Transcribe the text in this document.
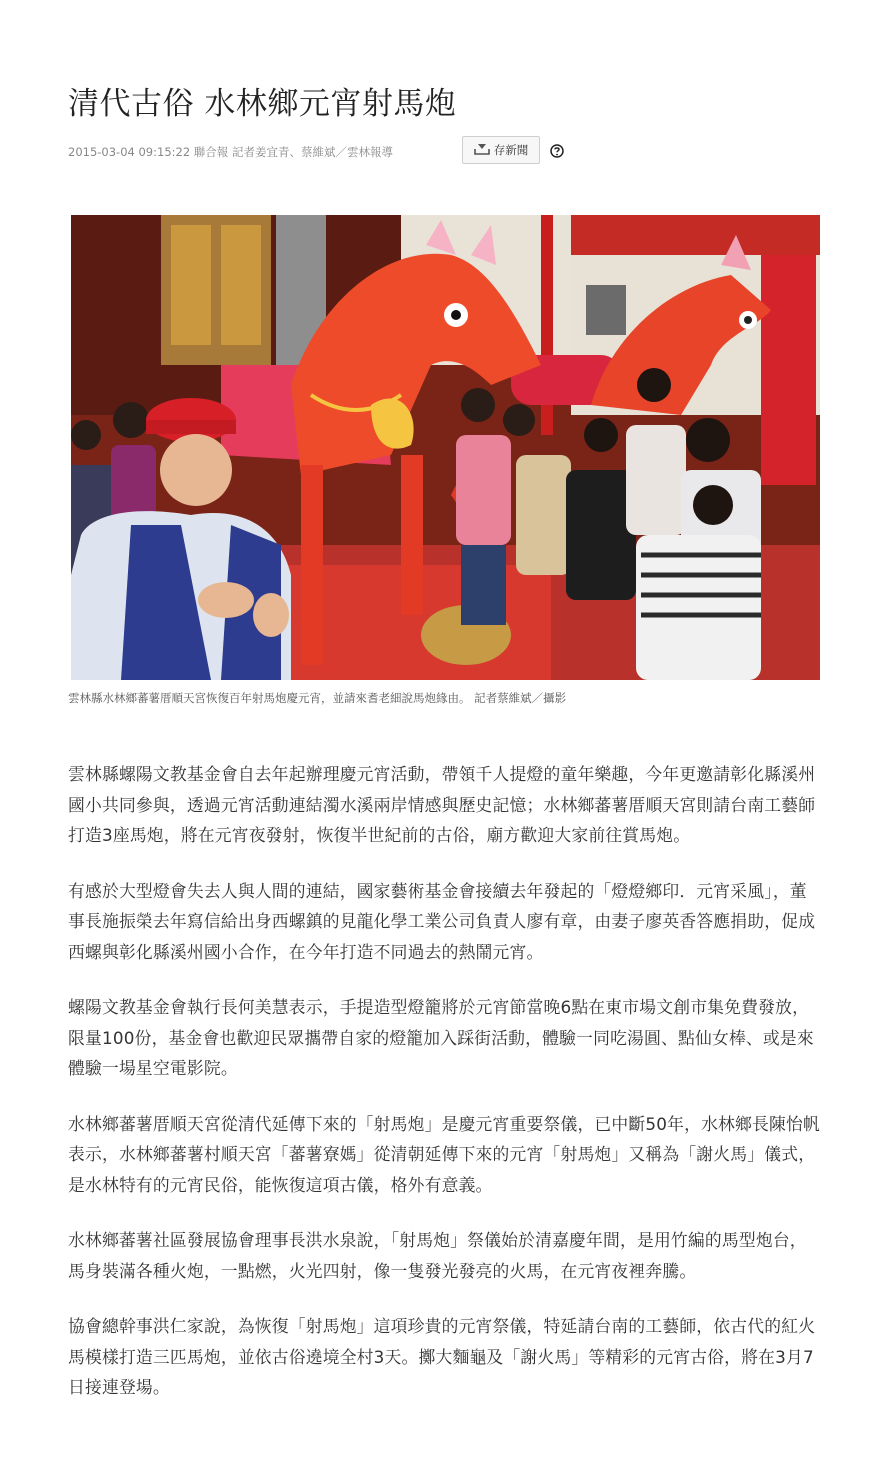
清代古俗 水林鄉元宵射馬炮
2015-03-04 09:15:22 聯合報 記者姜宜青、蔡維斌／雲林報導	存新聞
雲林縣水林鄉蕃薯厝順天宮恢復百年射馬炮慶元宵，並請來耆老細說馬炮緣由。 記者蔡維斌／攝影

雲林縣螺陽文教基金會自去年起辦理慶元宵活動，帶領千人提燈的童年樂趣，今年更邀請彰化縣溪州國小共同參與，透過元宵活動連結濁水溪兩岸情感與歷史記憶；水林鄉蕃薯厝順天宮則請台南工藝師打造3座馬炮，將在元宵夜發射，恢復半世紀前的古俗，廟方歡迎大家前往賞馬炮。

有感於大型燈會失去人與人間的連結，國家藝術基金會接續去年發起的「燈燈鄉印．元宵采風」，董事長施振榮去年寫信給出身西螺鎮的見龍化學工業公司負責人廖有章，由妻子廖英香答應捐助，促成西螺與彰化縣溪州國小合作，在今年打造不同過去的熱鬧元宵。

螺陽文教基金會執行長何美慧表示，手提造型燈籠將於元宵節當晚6點在東市場文創市集免費發放，限量100份，基金會也歡迎民眾攜帶自家的燈籠加入踩街活動，體驗一同吃湯圓、點仙女棒、或是來體驗一場星空電影院。

水林鄉蕃薯厝順天宮從清代延傳下來的「射馬炮」是慶元宵重要祭儀，已中斷50年，水林鄉長陳怡帆表示，水林鄉蕃薯村順天宮「蕃薯寮媽」從清朝延傳下來的元宵「射馬炮」又稱為「謝火馬」儀式，是水林特有的元宵民俗，能恢復這項古儀，格外有意義。

水林鄉蕃薯社區發展協會理事長洪水泉說，「射馬炮」祭儀始於清嘉慶年間，是用竹編的馬型炮台，馬身裝滿各種火炮，一點燃，火光四射，像一隻發光發亮的火馬，在元宵夜裡奔騰。

協會總幹事洪仁家說，為恢復「射馬炮」這項珍貴的元宵祭儀，特延請台南的工藝師，依古代的紅火馬模樣打造三匹馬炮，並依古俗遶境全村3天。擲大麵龜及「謝火馬」等精彩的元宵古俗，將在3月7日接連登場。
